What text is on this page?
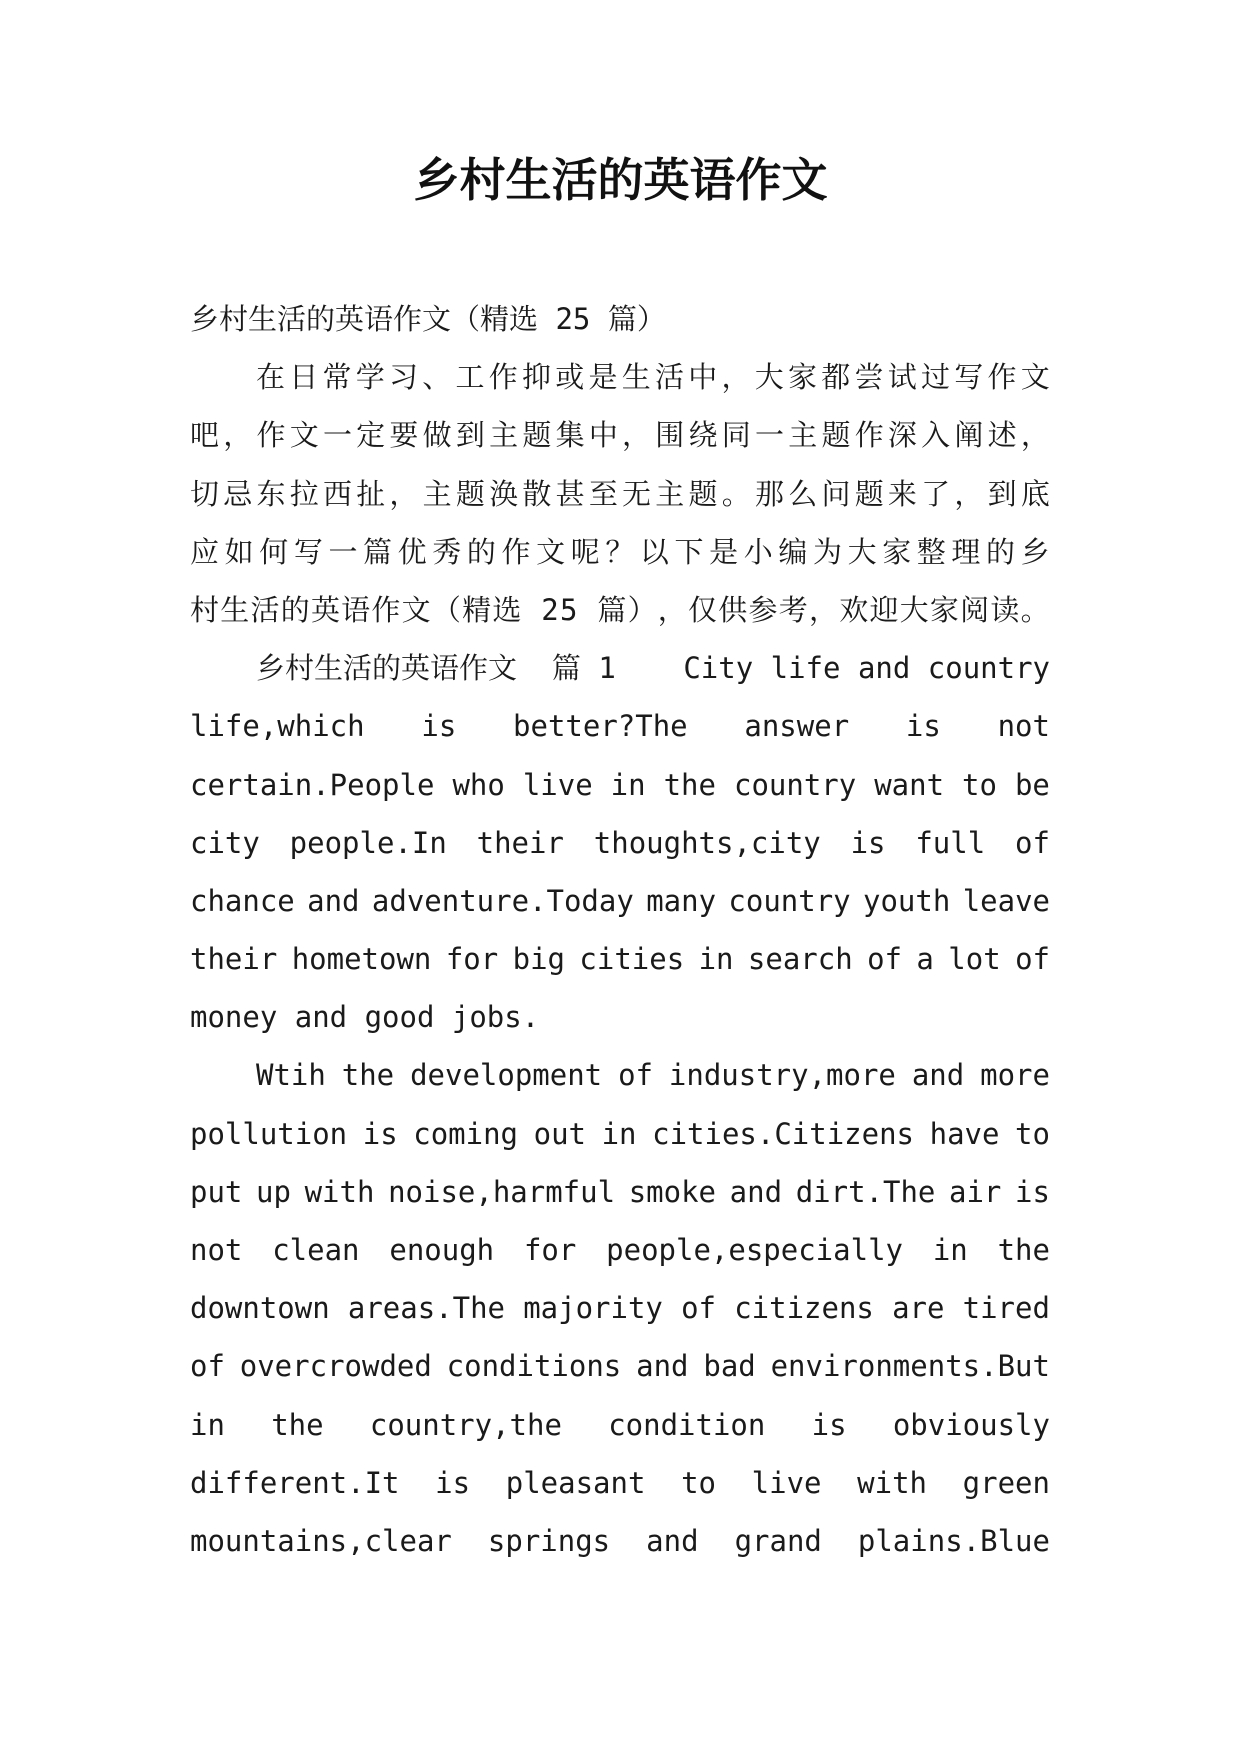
乡村生活的英语作文
乡村生活的英语作文（精选 25 篇）
在 日 常 学 习 、 工 作 抑 或 是 生 活 中 ， 大 家 都 尝 试 过 写 作 文
吧 ， 作 文 一 定 要 做 到 主 题 集 中 ， 围 绕 同 一 主 题 作 深 入 阐 述 ，
切 忌 东 拉 西 扯 ， 主 题 涣 散 甚 至 无 主 题 。 那 么 问 题 来 了 ， 到 底
应 如 何 写 一 篇 优 秀 的 作 文 呢 ？ 以 下 是 小 编 为 大 家 整 理 的 乡
村 生 活 的 英 语 作 文 （ 精 选
2 5
篇 ） ， 仅 供 参 考 ， 欢 迎 大 家 阅 读 。
乡村生活的英语作文  篇 1 City life and country
life,which is better?The answer is not
certain.People who live in the country want to be
city people.In their thoughts,city is full of
chance and adventure.Today many country youth leave
their hometown for big cities in search of a lot of
money and good jobs.
Wtih the development of industry,more and more
pollution is coming out in cities.Citizens have to
put up with noise,harmful smoke and dirt.The air is
not clean enough for people,especially in the
downtown areas.The majority of citizens are tired
of overcrowded conditions and bad environments.But
in the country,the condition is obviously
different.It is pleasant to live with green
mountains,clear springs and grand plains.Blue
